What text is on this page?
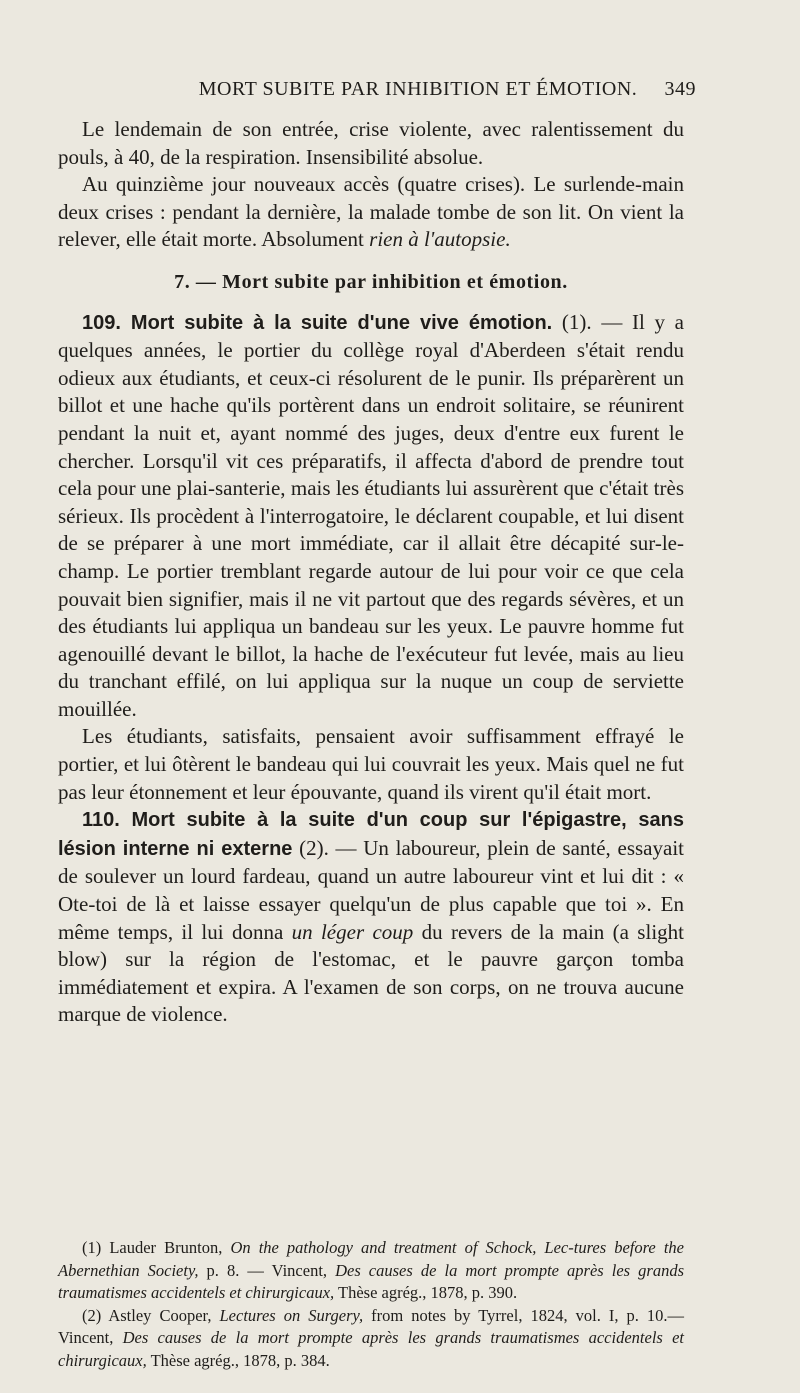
MORT SUBITE PAR INHIBITION ET ÉMOTION.	349

Le lendemain de son entrée, crise violente, avec ralentissement du pouls, à 40, de la respiration. Insensibilité absolue.

Au quinzième jour nouveaux accès (quatre crises). Le surlende-main deux crises : pendant la dernière, la malade tombe de son lit. On vient la relever, elle était morte. Absolument rien à l'autopsie.

7. — Mort subite par inhibition et émotion.

109. Mort subite à la suite d'une vive émotion. (1). — Il y a quelques années, le portier du collège royal d'Aberdeen s'était rendu odieux aux étudiants, et ceux-ci résolurent de le punir. Ils préparèrent un billot et une hache qu'ils portèrent dans un endroit solitaire, se réunirent pendant la nuit et, ayant nommé des juges, deux d'entre eux furent le chercher. Lorsqu'il vit ces préparatifs, il affecta d'abord de prendre tout cela pour une plai-santerie, mais les étudiants lui assurèrent que c'était très sérieux. Ils procèdent à l'interrogatoire, le déclarent coupable, et lui disent de se préparer à une mort immédiate, car il allait être décapité sur-le-champ. Le portier tremblant regarde autour de lui pour voir ce que cela pouvait bien signifier, mais il ne vit partout que des regards sévères, et un des étudiants lui appliqua un bandeau sur les yeux. Le pauvre homme fut agenouillé devant le billot, la hache de l'exécuteur fut levée, mais au lieu du tranchant effilé, on lui appliqua sur la nuque un coup de serviette mouillée.

Les étudiants, satisfaits, pensaient avoir suffisamment effrayé le portier, et lui ôtèrent le bandeau qui lui couvrait les yeux. Mais quel ne fut pas leur étonnement et leur épouvante, quand ils virent qu'il était mort.

110. Mort subite à la suite d'un coup sur l'épigastre, sans lésion interne ni externe (2). — Un laboureur, plein de santé, essayait de soulever un lourd fardeau, quand un autre laboureur vint et lui dit : « Ote-toi de là et laisse essayer quelqu'un de plus capable que toi ». En même temps, il lui donna un léger coup du revers de la main (a slight blow) sur la région de l'estomac, et le pauvre garçon tomba immédiatement et expira. A l'examen de son corps, on ne trouva aucune marque de violence.

(1) Lauder Brunton, On the pathology and treatment of Schock, Lec-tures before the Abernethian Society, p. 8. — Vincent, Des causes de la mort prompte après les grands traumatismes accidentels et chirurgicaux, Thèse agrég., 1878, p. 390.

(2) Astley Cooper, Lectures on Surgery, from notes by Tyrrel, 1824, vol. I, p. 10.— Vincent, Des causes de la mort prompte après les grands traumatismes accidentels et chirurgicaux, Thèse agrég., 1878, p. 384.
